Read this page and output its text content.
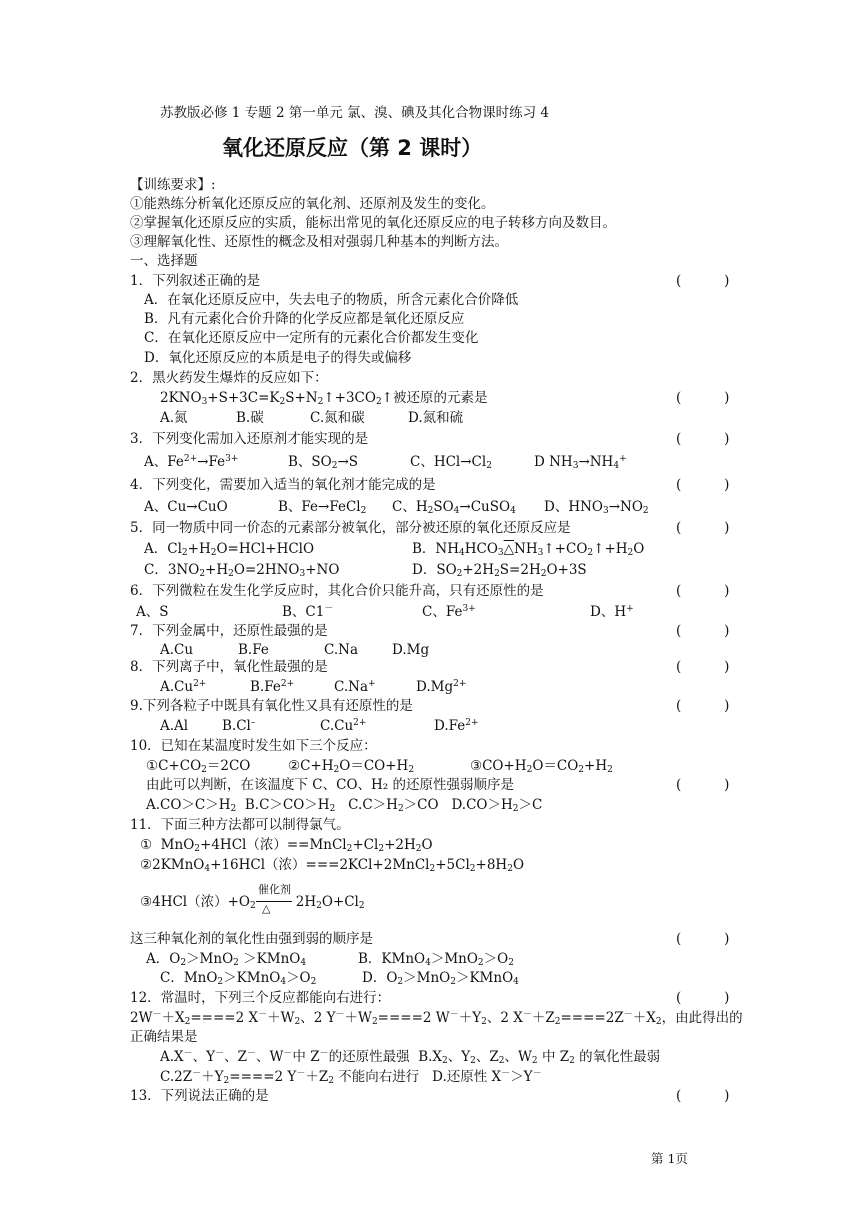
苏教版必修 1 专题 2 第一单元 氯、溴、碘及其化合物课时练习 4
氧化还原反应（第 2 课时）
【训练要求】:
①能熟练分析氧化还原反应的氧化剂、还原剂及发生的变化。
②掌握氧化还原反应的实质，能标出常见的氧化还原反应的电子转移方向及数目。
③理解氧化性、还原性的概念及相对强弱几种基本的判断方法。
一、选择题
1．下列叙述正确的是	(          )
A．在氧化还原反应中，失去电子的物质，所含元素化合价降低
B．凡有元素化合价升降的化学反应都是氧化还原反应
C．在氧化还原反应中一定所有的元素化合价都发生变化
D．氧化还原反应的本质是电子的得失或偏移
2．黑火药发生爆炸的反应如下：
$2KNO_3+S+3C=K_2S+N_2↑+3CO_2↑$被还原的元素是	(          )
A.氮	B.碳	C.氮和碳	D.氮和硫
3．下列变化需加入还原剂才能实现的是	(          )
A、$Fe^{2+}\to Fe^{3+}$	B、$SO_2\to S$	C、$HCl\to Cl_2$	D $NH_3\to NH_4^+$
4．下列变化，需要加入适当的氧化剂才能完成的是	(          )
A、Cu→CuO	B、Fe→FeCl$_2$ C、$H_2SO_4\to CuSO_4$ D、$HNO_3\to NO_2$
5．同一物质中同一价态的元素部分被氧化，部分被还原的氧化还原反应是	(          )
A．$Cl_2+H_2O=HCl+HClO$	B．$NH_4HCO_3\triangle NH_3↑+CO_2↑+H_2O$
C．$3NO_2+H_2O=2HNO_3+NO$	D．$SO_2+2H_2S=2H_2O+3S$
6．下列微粒在发生化学反应时，其化合价只能升高，只有还原性的是	(          )
A、S	B、C1－	C、$Fe^{3+}$	D、H+
7．下列金属中，还原性最强的是	(          )
A.Cu	B.Fe	C.Na	D.Mg
8．下列离子中，氧化性最强的是	(          )
$A.Cu^{2+}$	$B.Fe^{2+}$	C.Na+	$D.Mg^{2+}$
9.下列各粒子中既具有氧化性又具有还原性的是	(          )
A.Al	B.Cl–	$C.Cu^{2+}$	$D.Fe^{2+}$
10．已知在某温度时发生如下三个反应：
$①C+CO_2=2CO$	$②C+H_2O=CO+H_2$	$③CO+H_2O=CO_2+H_2$
由此可以判断，在该温度下 C、CO、H₂ 的还原性强弱顺序是	(          )
$A.CO>C>H_2$  $B.C>CO>H_2$   $C.C>H_2>CO$   $D.CO>H_2>C$
11．下面三种方法都可以制得氯气。
①  MnO$_2$+4HCl（浓）$==MnCl_2+Cl_2+2H_2O$
②2KMnO$_4$+16HCl（浓）$===2KCl+2MnCl_2+5Cl_2+8H_2O$
催化剂
△
③4HCl（浓）$+O_2$	$2H_2O+Cl_2$
这三种氧化剂的氧化性由强到弱的顺序是	(          )
A．$O_2>MnO_2$ ＞KMnO$_4$	B．$KMnO_4>MnO_2>O_2$
C．$MnO_2>KMnO_4>O_2$	D．$O_2>MnO_2>KMnO_4$
12．常温时，下列三个反应都能向右进行：	(          )
$2W^-+X_2====2$ $X^-+W_2$、2 $Y^-+W_2====2$ $W^-+Y_2$、2 $X^-+Z_2====2Z^-+X_2$，由此得出的
正确结果是
A.X－、Y－、Z－、W－中 Z－的还原性最强  $B.X_2$、$Y_2$、$Z_2$、$W_2$ 中 $Z_2$ 的氧化性最弱
$C.2Z^-+Y_2====2$ $Y^-+Z_2$ 不能向右进行   D.还原性 X－＞Y－
13．下列说法正确的是	(          )
第 1页
